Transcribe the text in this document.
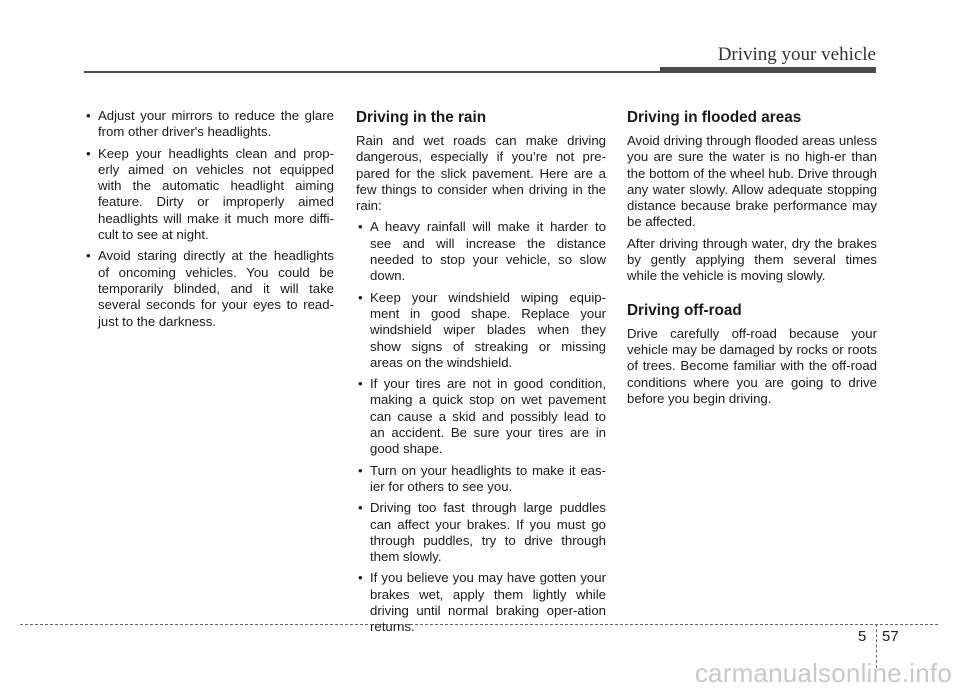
Driving your vehicle
• Adjust your mirrors to reduce the glare from other driver's headlights.
• Keep your headlights clean and prop-erly aimed on vehicles not equipped with the automatic headlight aiming feature. Dirty or improperly aimed headlights will make it much more diffi-cult to see at night.
• Avoid staring directly at the headlights of oncoming vehicles. You could be temporarily blinded, and it will take several seconds for your eyes to read-just to the darkness.
Driving in the rain

Rain and wet roads can make driving dangerous, especially if you’re not pre-pared for the slick pavement. Here are a few things to consider when driving in the rain:

• A heavy rainfall will make it harder to see and will increase the distance needed to stop your vehicle, so slow down.
• Keep your windshield wiping equip-ment in good shape. Replace your windshield wiper blades when they show signs of streaking or missing areas on the windshield.
• If your tires are not in good condition, making a quick stop on wet pavement can cause a skid and possibly lead to an accident. Be sure your tires are in good shape.
• Turn on your headlights to make it eas-ier for others to see you.
• Driving too fast through large puddles can affect your brakes. If you must go through puddles, try to drive through them slowly.
• If you believe you may have gotten your brakes wet, apply them lightly while driving until normal braking oper-ation returns.
Driving in flooded areas

Avoid driving through flooded areas unless you are sure the water is no high-er than the bottom of the wheel hub. Drive through any water slowly. Allow adequate stopping distance because brake performance may be affected.

After driving through water, dry the brakes by gently applying them several times while the vehicle is moving slowly.

Driving off-road

Drive carefully off-road because your vehicle may be damaged by rocks or roots of trees. Become familiar with the off-road conditions where you are going to drive before you begin driving.

5 57
carmanualsonline.info
